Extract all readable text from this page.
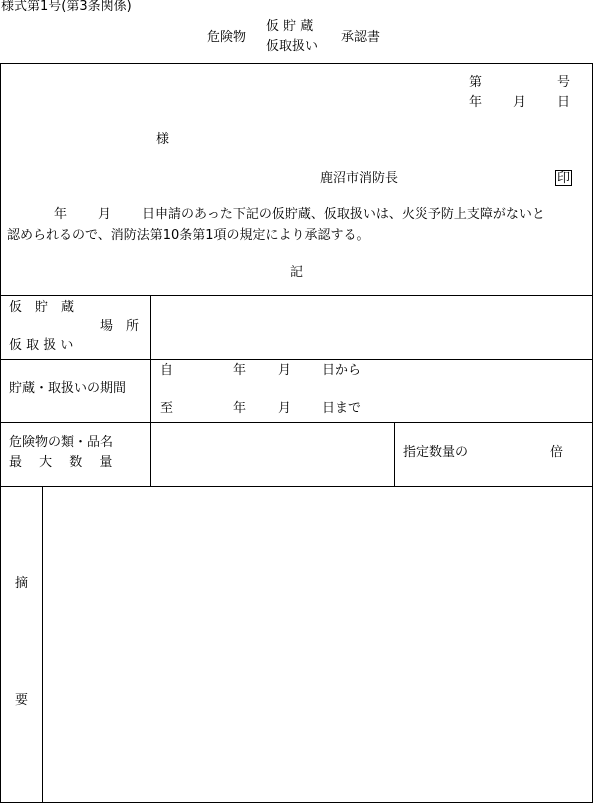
様式第1号(第3条関係)
危険物
仮 貯 蔵
仮取扱い
承認書
第	号
年 月 日
様
鹿沼市消防長	印
年 月 日申請のあった下記の仮貯蔵、仮取扱いは、火災予防上支障がないと
認められるので、消防法第10条第1項の規定により承認する。
記
仮　貯　蔵
場　所
仮 取 扱 い
貯蔵・取扱いの期間
自	年 月 日から
至	年 月 日まで
危険物の類・品名
最　 大　 数　 量
指定数量の	倍
摘
要
